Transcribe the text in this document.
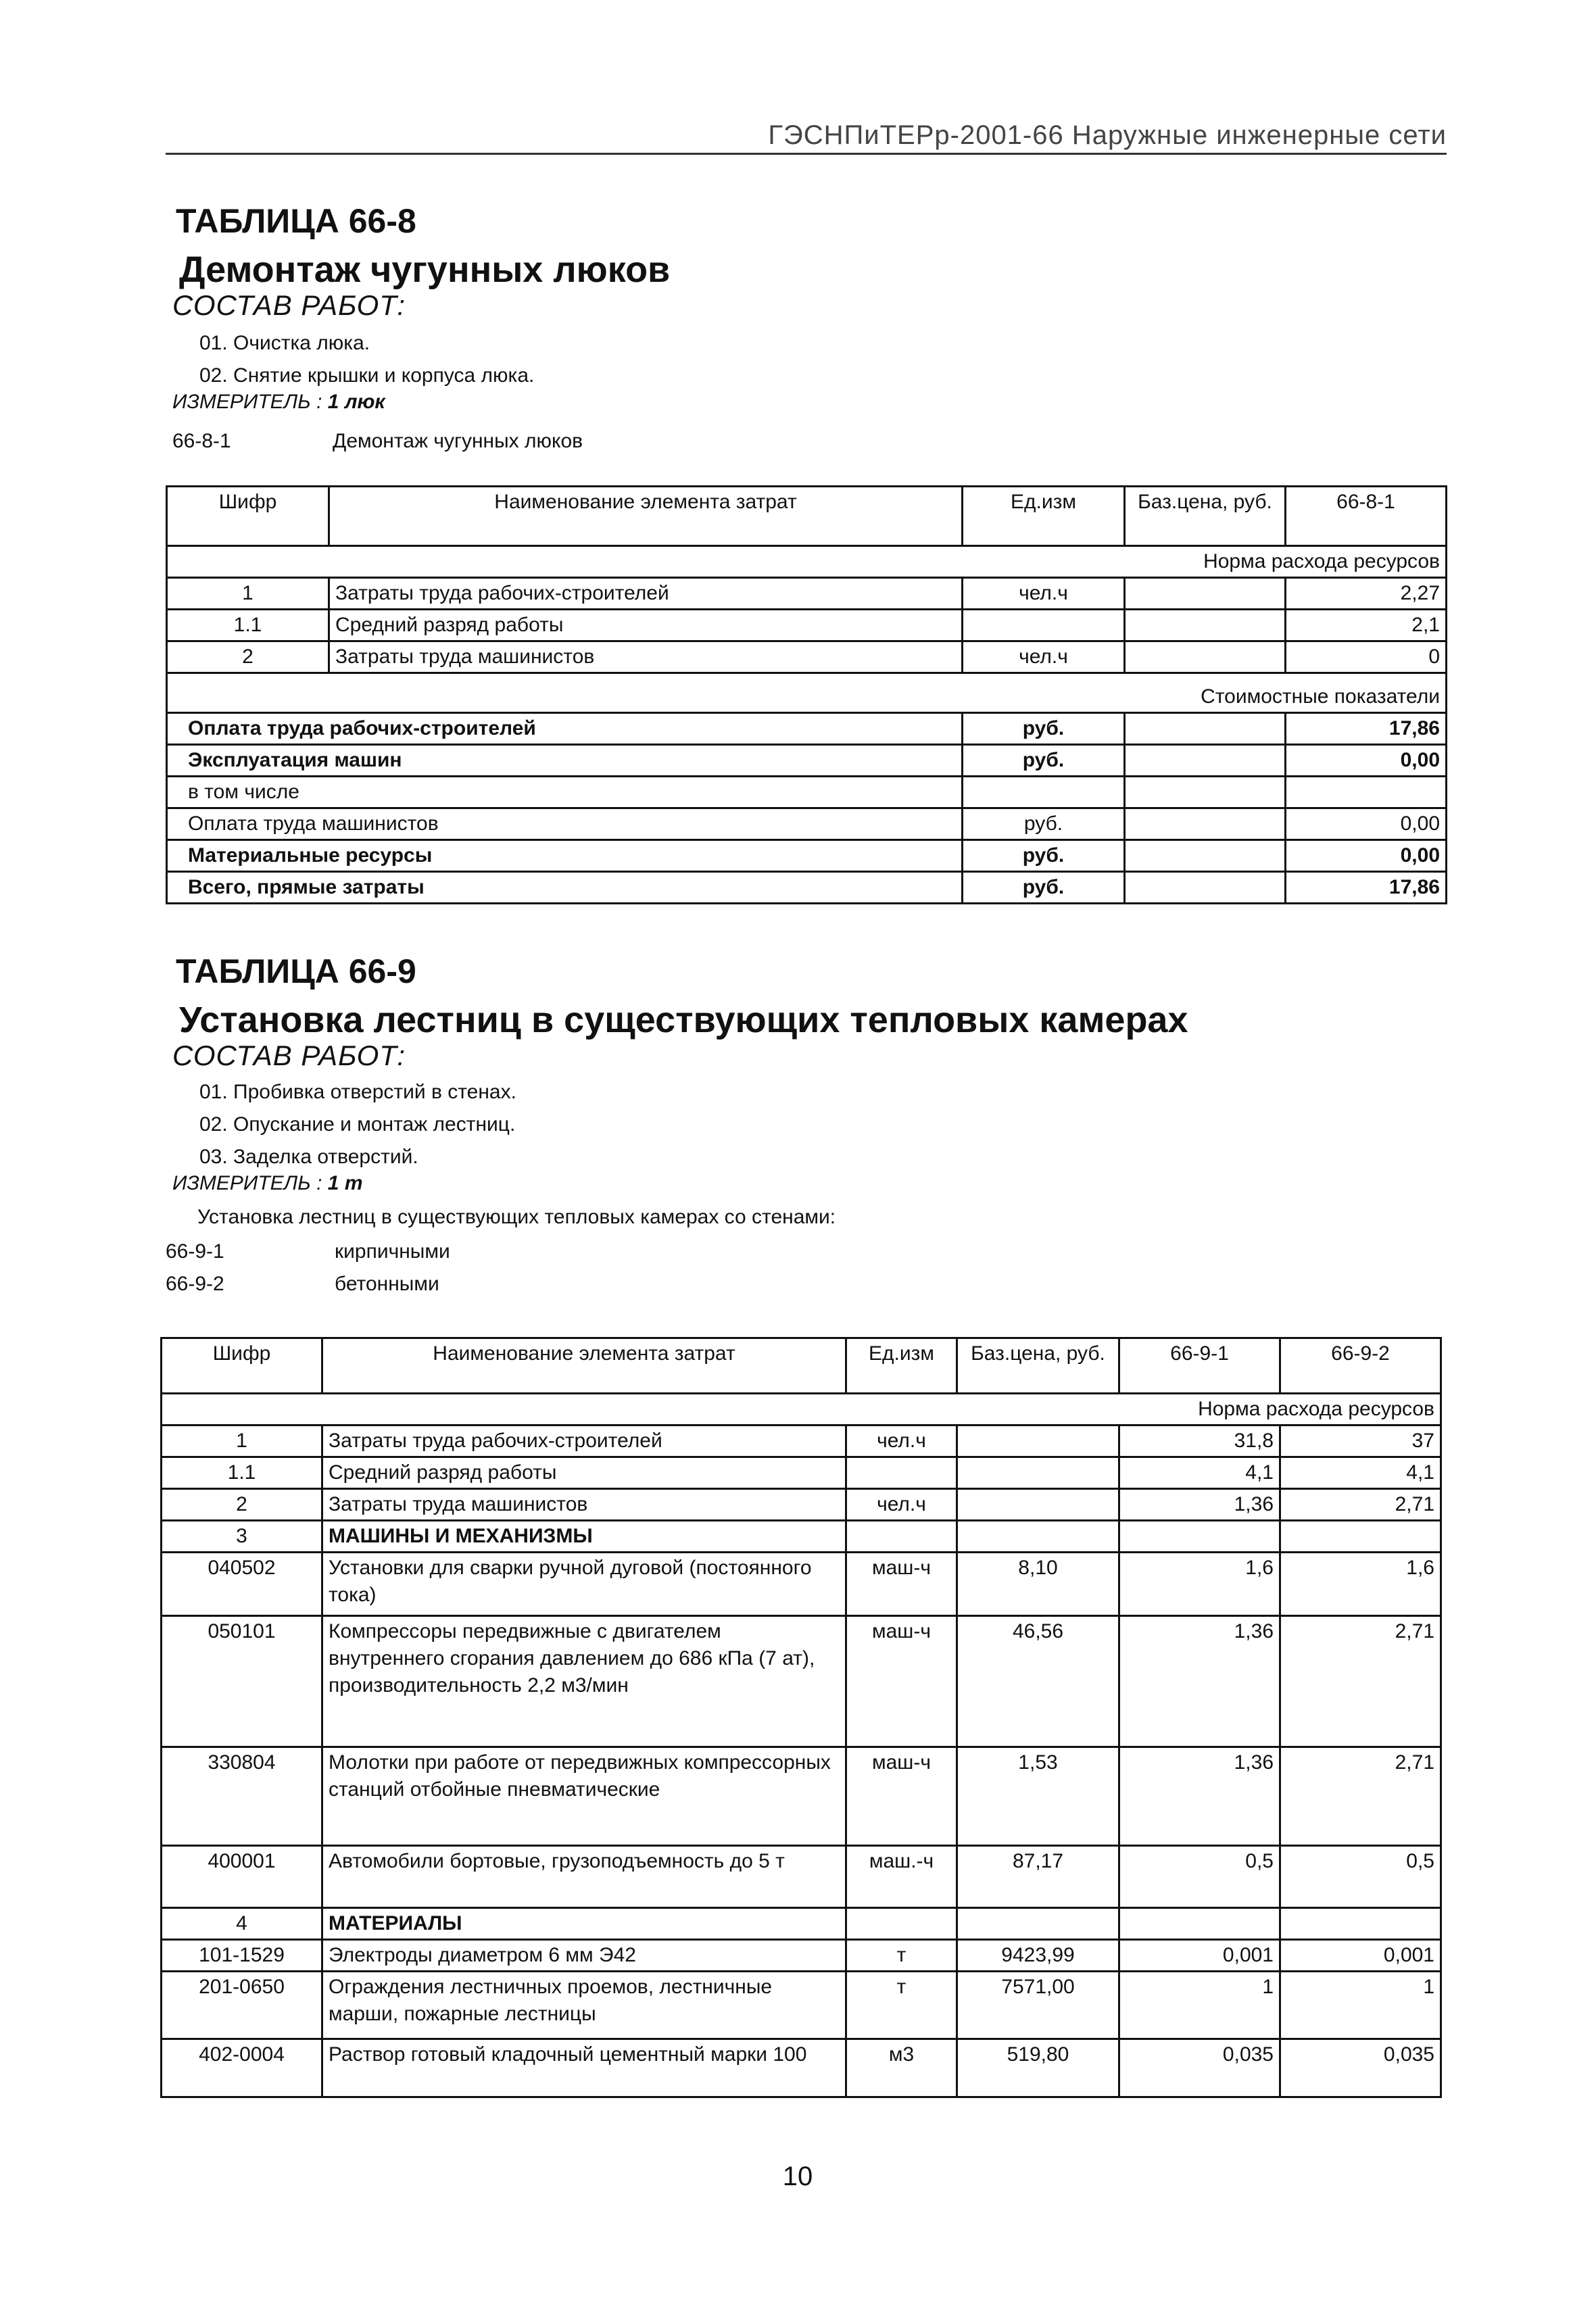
ГЭСНПиТЕРр-2001-66 Наружные инженерные сети
ТАБЛИЦА 66-8
Демонтаж чугунных люков
СОСТАВ РАБОТ:
01. Очистка люка.
02. Снятие крышки и корпуса люка.
ИЗМЕРИТЕЛЬ : 1 люк
66-8-1	Демонтаж чугунных люков
Шифр	Наименование элемента затрат	Ед.изм	Баз.цена, руб.	66-8-1
Норма расхода ресурсов				
1	Затраты труда рабочих-строителей	чел.ч		2,27
1.1	Средний разряд работы			2,1
2	Затраты труда машинистов	чел.ч		0
Стоимостные показатели				
Оплата труда рабочих-строителей		руб.		17,86
Эксплуатация машин		руб.		0,00
в том числе				
Оплата труда машинистов		руб.		0,00
Материальные ресурсы		руб.		0,00
Всего, прямые затраты		руб.		17,86
ТАБЛИЦА 66-9
Установка лестниц в существующих тепловых камерах
СОСТАВ РАБОТ:
01. Пробивка отверстий в стенах.
02. Опускание и монтаж лестниц.
03. Заделка отверстий.
ИЗМЕРИТЕЛЬ : 1 m
Установка лестниц в существующих тепловых камерах со стенами:
66-9-1	кирпичными
66-9-2	бетонными
Шифр	Наименование элемента затрат	Ед.изм	Баз.цена, руб.	66-9-1	66-9-2
Норма расхода ресурсов					
1	Затраты труда рабочих-строителей	чел.ч		31,8	37
1.1	Средний разряд работы			4,1	4,1
2	Затраты труда машинистов	чел.ч		1,36	2,71
3	МАШИНЫ И МЕХАНИЗМЫ				
040502	Установки для сварки ручной дуговой (постоянного тока)	маш-ч	8,10	1,6	1,6
050101	Компрессоры передвижные с двигателем внутреннего сгорания давлением до 686 кПа (7 ат), производительность 2,2 м3/мин	маш-ч	46,56	1,36	2,71
330804	Молотки при работе от передвижных компрессорных станций отбойные пневматические	маш-ч	1,53	1,36	2,71
400001	Автомобили бортовые, грузоподъемность до 5 т	маш.-ч	87,17	0,5	0,5
4	МАТЕРИАЛЫ				
101-1529	Электроды диаметром 6 мм Э42	т	9423,99	0,001	0,001
201-0650	Ограждения лестничных проемов, лестничные марши, пожарные лестницы	т	7571,00	1	1
402-0004	Раствор готовый кладочный цементный марки 100	м3	519,80	0,035	0,035
10
